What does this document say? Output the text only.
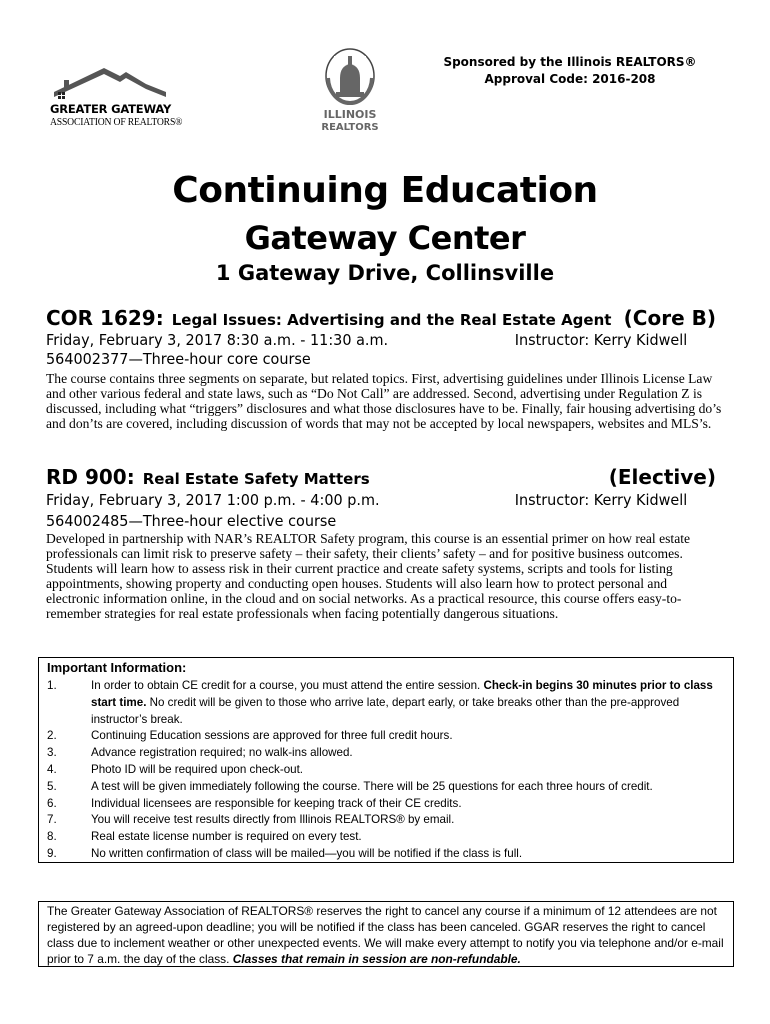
Sponsored by the Illinois REALTORS®
Approval Code: 2016-208
GREATER GATEWAY
ASSOCIATION OF REALTORS®
ILLINOIS
REALTORS
Continuing Education
Gateway Center
1 Gateway Drive, Collinsville
COR 1629: Legal Issues: Advertising and the Real Estate Agent (Core B)
Friday, February 3, 2017 8:30 a.m. - 11:30 a.m.	Instructor: Kerry Kidwell
564002377—Three-hour core course
The course contains three segments on separate, but related topics. First, advertising guidelines under Illinois License Law and other various federal and state laws, such as “Do Not Call” are addressed. Second, advertising under Regulation Z is discussed, including what “triggers” disclosures and what those disclosures have to be. Finally, fair housing advertising do’s and don’ts are covered, including discussion of words that may not be accepted by local newspapers, websites and MLS’s.
RD 900: Real Estate Safety Matters	(Elective)
Friday, February 3, 2017 1:00 p.m. - 4:00 p.m.	Instructor: Kerry Kidwell
564002485—Three-hour elective course
Developed in partnership with NAR’s REALTOR Safety program, this course is an essential primer on how real estate professionals can limit risk to preserve safety – their safety, their clients’ safety – and for positive business outcomes. Students will learn how to assess risk in their current practice and create safety systems, scripts and tools for listing appointments, showing property and conducting open houses. Students will also learn how to protect personal and electronic information online, in the cloud and on social networks. As a practical resource, this course offers easy-to-remember strategies for real estate professionals when facing potentially dangerous situations.
Important Information:
1.	In order to obtain CE credit for a course, you must attend the entire session. Check-in begins 30 minutes prior to class start time. No credit will be given to those who arrive late, depart early, or take breaks other than the pre-approved instructor’s break.
2.	Continuing Education sessions are approved for three full credit hours.
3.	Advance registration required; no walk-ins allowed.
4.	Photo ID will be required upon check-out.
5.	A test will be given immediately following the course. There will be 25 questions for each three hours of credit.
6.	Individual licensees are responsible for keeping track of their CE credits.
7.	You will receive test results directly from Illinois REALTORS® by email.
8.	Real estate license number is required on every test.
9.	No written confirmation of class will be mailed—you will be notified if the class is full.
The Greater Gateway Association of REALTORS® reserves the right to cancel any course if a minimum of 12 attendees are not registered by an agreed-upon deadline; you will be notified if the class has been canceled. GGAR reserves the right to cancel class due to inclement weather or other unexpected events. We will make every attempt to notify you via telephone and/or e-mail prior to 7 a.m. the day of the class. Classes that remain in session are non-refundable.
